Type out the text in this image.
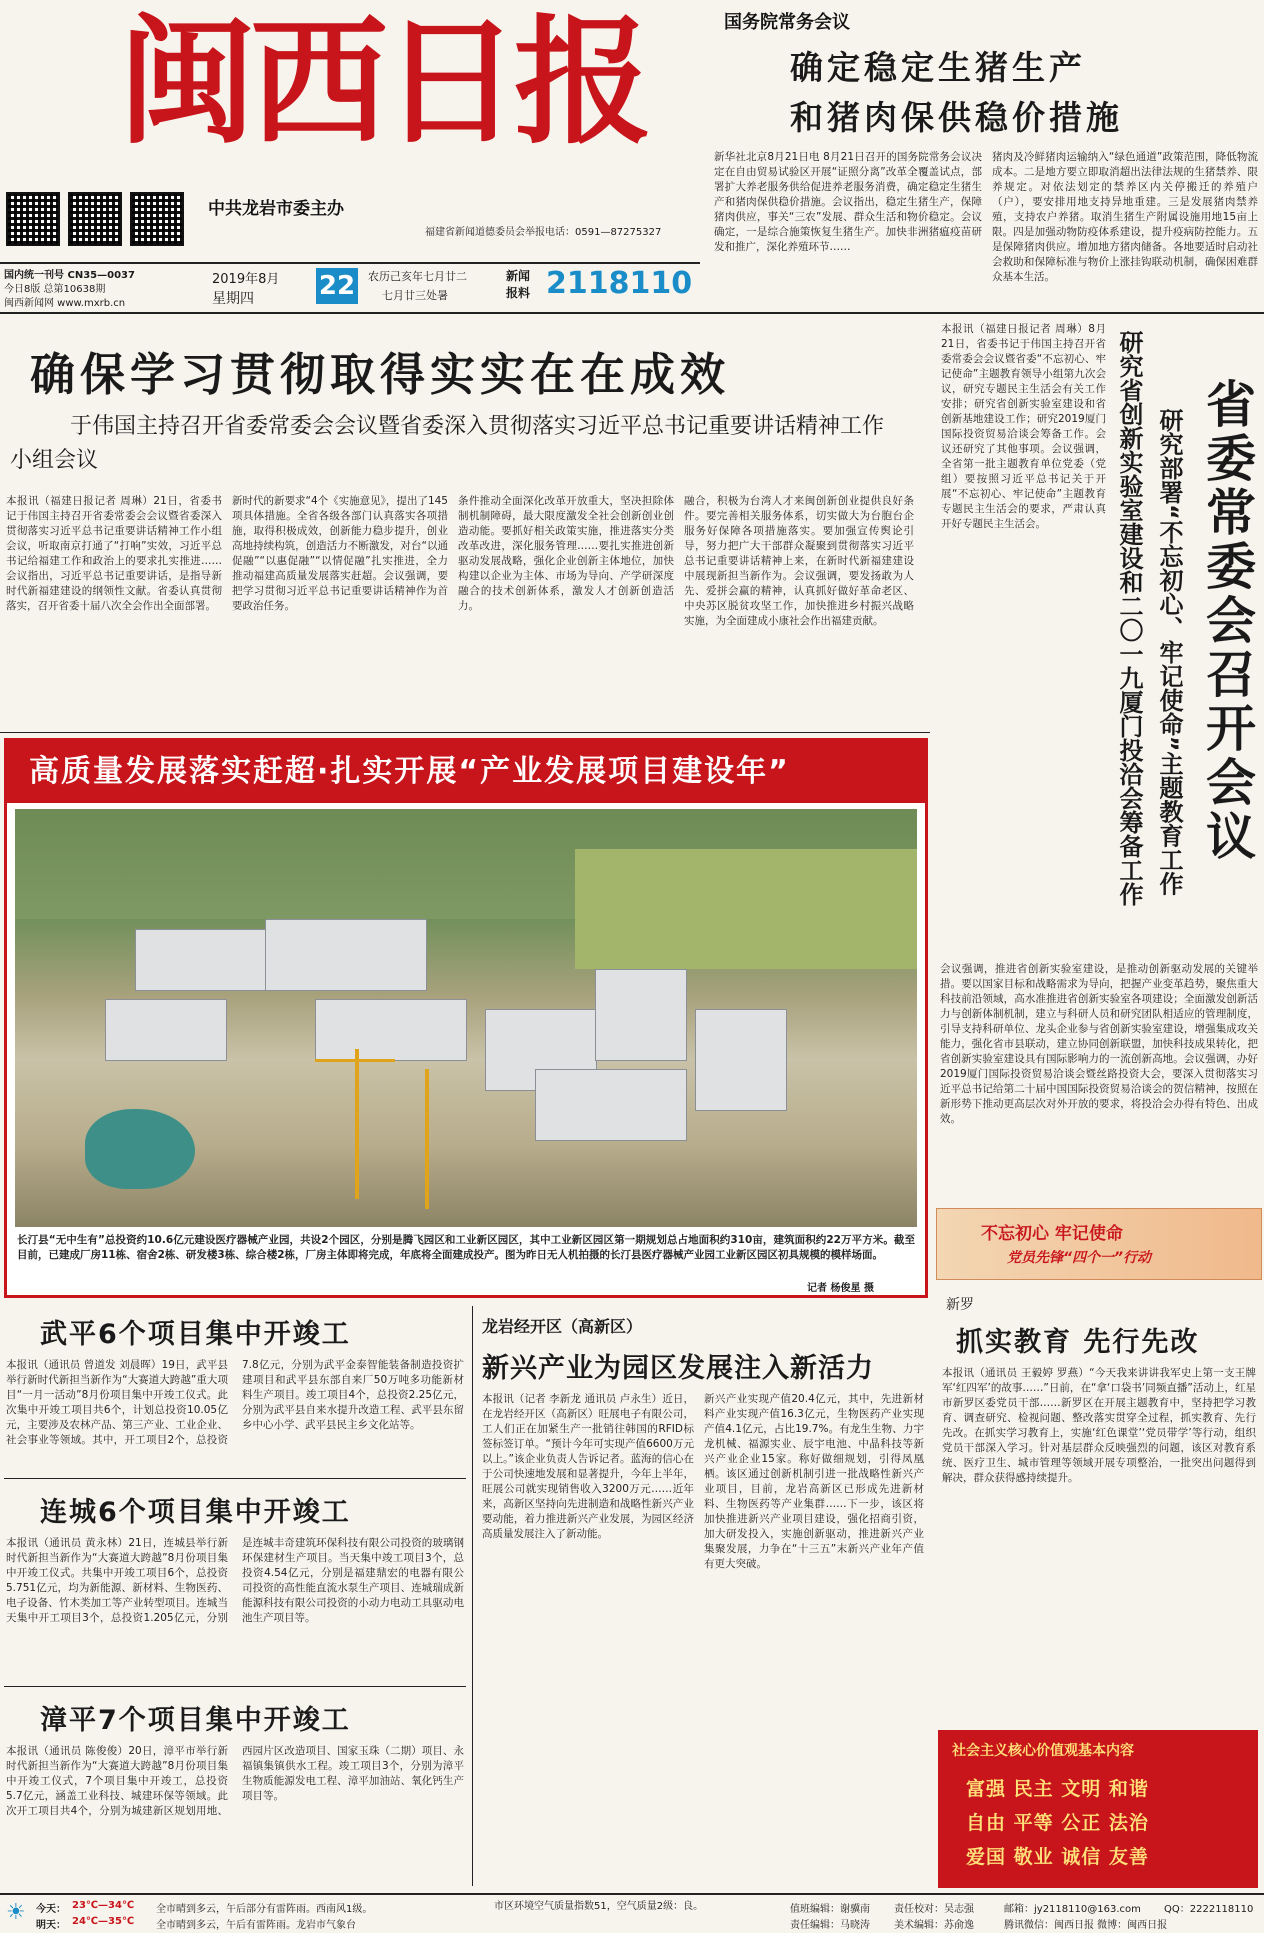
闽西日报
中共龙岩市委主办
福建省新闻道德委员会举报电话：0591—87275327
国内统一刊号 CN35—0037
今日8版 总第10638期
闽西新闻网 www.mxrb.cn
2019年8月
星期四 22 农历己亥年七月廿二
七月廿三处暑
新闻报料 2118110
国务院常务会议
确定稳定生猪生产
和猪肉保供稳价措施
新华社北京8月21日电 8月21日召开的国务院常务会议决定在自由贸易试验区开展“证照分离”改革全覆盖试点，部署扩大养老服务供给促进养老服务消费，确定稳定生猪生产和猪肉保供稳价措施。会议指出，稳定生猪生产，保障猪肉供应，事关“三农”发展、群众生活和物价稳定。会议确定，一是综合施策恢复生猪生产。加快非洲猪瘟疫苗研发和推广，深化养殖环节……
猪肉及冷鲜猪肉运输纳入“绿色通道”政策范围，降低物流成本。二是地方要立即取消超出法律法规的生猪禁养、限养规定。对依法划定的禁养区内关停搬迁的养殖户（户），要安排用地支持异地重建。三是发展猪肉禁养殖，支持农户养猪。取消生猪生产附属设施用地15亩上限。四是加强动物防疫体系建设，提升疫病防控能力。五是保障猪肉供应。增加地方猪肉储备。各地要适时启动社会救助和保障标准与物价上涨挂钩联动机制，确保困难群众基本生活。
确保学习贯彻取得实实在在成效
于伟国主持召开省委常委会会议暨省委深入贯彻落实习近平总书记重要讲话精神工作小组会议
本报讯（福建日报记者 周琳）21日，省委书记于伟国主持召开省委常委会会议暨省委深入贯彻落实习近平总书记重要讲话精神工作小组会议，听取南京打通了“打响”实效，习近平总书记给福建工作和政治上的要求扎实推进……会议指出，习近平总书记重要讲话，是指导新时代新福建建设的纲领性文献。省委认真贯彻落实，召开省委十届八次全会作出全面部署。
新时代的新要求“4个《实施意见》，提出了145项具体措施。全省各级各部门认真落实各项措施，取得积极成效，创新能力稳步提升，创业高地持续构筑，创造活力不断激发，对台“以通促融”“以惠促融”“以情促融”扎实推进，全力推动福建高质量发展落实赶超。会议强调，要把学习贯彻习近平总书记重要讲话精神作为首要政治任务。
条件推动全面深化改革开放重大，坚决担除体制机制障碍，最大限度激发全社会创新创业创造动能。要抓好相关政策实施，推进落实分类改革改进，深化服务管理……要扎实推进创新驱动发展战略，强化企业创新主体地位，加快构建以企业为主体、市场为导向、产学研深度融合的技术创新体系，激发人才创新创造活力。
融合，积极为台湾人才来闽创新创业提供良好条件。要完善相关服务体系，切实做大为台胞台企服务好保障各项措施落实。要加强宣传舆论引导，努力把广大干部群众凝聚到贯彻落实习近平总书记重要讲话精神上来，在新时代新福建建设中展现新担当新作为。会议强调，要发扬敢为人先、爱拼会赢的精神，认真抓好做好革命老区、中央苏区脱贫攻坚工作，加快推进乡村振兴战略实施，为全面建成小康社会作出福建贡献。
本报讯（福建日报记者 周琳）8月21日，省委书记于伟国主持召开省委常委会会议暨省委“不忘初心、牢记使命”主题教育领导小组第九次会议，研究专题民主生活会有关工作安排；研究省创新实验室建设和省创新基地建设工作；研究2019厦门国际投资贸易洽谈会筹备工作。会议还研究了其他事项。会议强调，全省第一批主题教育单位党委（党组）要按照习近平总书记关于开展“不忘初心、牢记使命”主题教育专题民主生活会的要求，严肃认真开好专题民主生活会。	研究省创新实验室建设和二〇一九厦门投洽会筹备工作 研究部署“不忘初心、牢记使命”主题教育工作 省委常委会召开会议
会议强调，推进省创新实验室建设，是推动创新驱动发展的关键举措。要以国家目标和战略需求为导向，把握产业变革趋势，聚焦重大科技前沿领域，高水准推进省创新实验室各项建设；全面激发创新活力与创新体制机制，建立与科研人员和研究团队相适应的管理制度，引导支持科研单位、龙头企业参与省创新实验室建设，增强集成攻关能力，强化省市县联动，建立协同创新联盟，加快科技成果转化，把省创新实验室建设具有国际影响力的一流创新高地。会议强调，办好2019厦门国际投资贸易洽谈会暨丝路投资大会，要深入贯彻落实习近平总书记给第二十届中国国际投资贸易洽谈会的贺信精神，按照在新形势下推动更高层次对外开放的要求，将投洽会办得有特色、出成效。
高质量发展落实赶超·扎实开展“产业发展项目建设年”
长汀县“无中生有”总投资约10.6亿元建设医疗器械产业园，共设2个园区，分别是腾飞园区和工业新区园区，其中工业新区园区第一期规划总占地面积约310亩，建筑面积约22万平方米。截至目前，已建成厂房11栋、宿舍2栋、研发楼3栋、综合楼2栋，厂房主体即将完成，年底将全面建成投产。图为昨日无人机拍摄的长汀县医疗器械产业园工业新区园区初具规模的模样场面。
记者 杨俊星 摄
武平6个项目集中开竣工
本报讯（通讯员 曾道发 刘晨晖）19日，武平县举行新时代新担当新作为“大赛道大跨越”重大项目“一月一活动”8月份项目集中开竣工仪式。此次集中开竣工项目共6个，计划总投资10.05亿元，主要涉及农林产品、第三产业、工业企业、社会事业等领域。其中，开工项目2个，总投资7.8亿元，分别为武平金泰智能装备制造投资扩建项目和武平县东部自来厂50万吨多功能新材料生产项目。竣工项目4个，总投资2.25亿元，分别为武平县自来水提升改造工程、武平县东留乡中心小学、武平县民主乡文化站等。
连城6个项目集中开竣工
本报讯（通讯员 黄永林）21日，连城县举行新时代新担当新作为“大赛道大跨越”8月份项目集中开竣工仪式。共集中开竣工项目6个，总投资5.751亿元，均为新能源、新材料、生物医药、电子设备、竹木类加工等产业转型项目。连城当天集中开工项目3个，总投资1.205亿元，分别是连城丰奇建筑环保科技有限公司投资的玻璃钢环保建材生产项目。当天集中竣工项目3个，总投资4.54亿元，分别是福建鼎宏的电器有限公司投资的高性能直流水泵生产项目、连城瑞成新能源科技有限公司投资的小动力电动工具驱动电池生产项目等。
漳平7个项目集中开竣工
本报讯（通讯员 陈俊俊）20日，漳平市举行新时代新担当新作为“大赛道大跨越”8月份项目集中开竣工仪式，7个项目集中开竣工，总投资5.7亿元，涵盖工业科技、城建环保等领域。此次开工项目共4个，分别为城建新区规划用地、西园片区改造项目、国家玉珠（二期）项目、永福镇集镇供水工程。竣工项目3个，分别为漳平生物质能源发电工程、漳平加油站、氧化钙生产项目等。
龙岩经开区（高新区）
新兴产业为园区发展注入新活力
本报讯（记者 李新龙 通讯员 卢永生）近日，在龙岩经开区（高新区）旺展电子有限公司，工人们正在加紧生产一批销往韩国的RFID标签标签订单。“预计今年可实现产值6600万元以上。”该企业负责人告诉记者。蓝海的信心在于公司快速地发展和显著提升，今年上半年，旺展公司就实现销售收入3200万元……近年来，高新区坚持向先进制造和战略性新兴产业要动能，着力推进新兴产业发展，为园区经济高质量发展注入了新动能。
新兴产业实现产值20.4亿元，其中，先进新材料产业实现产值16.3亿元，生物医药产业实现产值4.1亿元，占比19.7%。有龙生生物、力宇龙机械、福源实业、辰宇电池、中晶科技等新兴产业企业15家。称好做细规划，引得凤凰栖。该区通过创新机制引进一批战略性新兴产业项目，目前，龙岩高新区已形成先进新材料、生物医药等产业集群……下一步，该区将加快推进新兴产业项目建设，强化招商引资，加大研发投入，实施创新驱动，推进新兴产业集聚发展，力争在“十三五”末新兴产业年产值有更大突破。
不忘初心 牢记使命
党员先锋“四个一”行动
新罗
抓实教育 先行先改
本报讯（通讯员 王毅婷 罗燕）“今天我来讲讲我军史上第一支王牌军‘红四军’的故事……”日前，在“拿‘口袋书’同频直播”活动上，红星市新罗区委党员干部……新罗区在开展主题教育中，坚持把学习教育、调查研究、检视问题、整改落实贯穿全过程，抓实教育、先行先改。在抓实学习教育上，实施‘红色课堂’‘党员带学’等行动，组织党员干部深入学习。针对基层群众反映强烈的问题，该区对教育系统、医疗卫生、城市管理等领域开展专项整治，一批突出问题得到解决，群众获得感持续提升。
社会主义核心价值观基本内容
富强 民主 文明 和谐
自由 平等 公正 法治
爱国 敬业 诚信 友善
☀ 今天： 23℃—34℃ 全市晴到多云，午后部分有雷阵雨。西南风1级。
明天： 24℃—35℃ 全市晴到多云，午后有雷阵雨。龙岩市气象台
市区环境空气质量指数51，空气质量2级：良。	值班编辑：谢骥南
责任编辑：马晓涛
责任校对：吴志强
美术编辑：苏俞逸
邮箱：jy2118110@163.com QQ：2222118110
腾讯微信：闽西日报 微博：闽西日报
